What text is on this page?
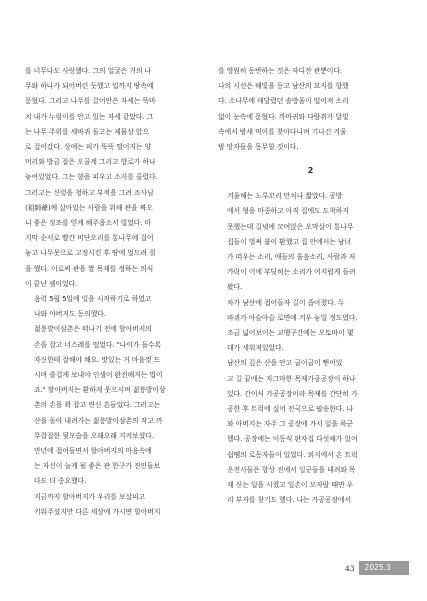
를 너무나도 사랑했다. 그의 얼굴은 거의 나
무와 하나가 되어버린 듯했고 입까지 땅속에
묻혔다. 그리고 나무를 끌어안은 자세는 뚝바
치 내가 누렁이를 안고 있는 자세 같았다. 그
는 나무 주위를 세바퀴 돌고는 제물상 앞으
로 걸어갔다. 상에는 피가 뚝뚝 떨어지는 양
머리와 방금 잡은 오골계 그리고 향로가 하나
놓여있었다. 그는 향을 피우고 소지를 올렸다.
그러고는 신령을 청하고 부적을 그려 조사님
(祖師爺)께 살아있는 사람을 위해 관을 짜오
니 좋은 징조를 얻게 해주옵소서 빌었다. 마
지막 순서로 빨간 비단오리를 통나무에 걸어
놓고 나무못으로 고정시킨 후 땅에 엎드려 절
을 했다. 이로써 관을 짤 목재를 정하는 의식
이 끝난 셈이었다.

음력 5월 5일에 일을 시작하기로 하였고
나와 아버지도 동의했다.

젊룽발이삼촌은 떠나기 전에 할아버지의
손을 잡고 너스레를 떨었다. "나이가 들수록
자신한테 잘해야 해요. 맛있는 거 마음껏 드
시며 즐겁게 보내야 인생이 완전해지는 법이
죠." 할아버지는 환하게 웃으시며 젊룽발이삼
촌의 손을 꽉 잡고 연신 흔들었다. 그러고는
산을 돌아 내려가는 젊룽발이삼촌의 작고 까
무잡잡한 뒷모습을 오래오래 지켜보셨다.

만년에 접어들면서 할아버지의 마음속에
는 자신이 늘게 될 좋은 관 한구가 진인들보
다도 더 중요했다.

지금까지 할아버지가 우리를 보살피고
키워주셨지만 다른 세상에 가시면 할아버지

를 영원히 동반하는 것은 자디잔 관뿐이다.
나의 시선은 해빛을 등고 남산의 묘지를 향했
다. 소나무에 매달렸던 솔방울이 떨어져 소리
없이 눈속에 묻혔다. 까마귀와 다람쥐가 달빛
속에서 밤새 먹이를 찾아다니며 기나긴 겨울
밤 망자들을 동무할 것이다.

2

겨울해는 노루꼬리 만치나 짧았다. 공방
에서 형을 마중하고 아직 집에도 도착하지
못했는데 길녘에 모여앉은 오막살이 통나무
집들이 벌써 불이 환했고 집 안에서는 남녀
가 떠우는 소리, 애들의 울음소리, 사람과 저
가락이 이에 부딪히는 소리가 어지럽게 들려
왔다.

차가 남산에 접어들자 길이 좁아졌다. 두
바퀴가 아슬아슬 로면에 겨우 놓일 정도였다.
조금 넓어보이는 교행구간에는 오토바이 몇
대가 세워져있었다.

남산의 깊은 산을 안고 굽이굽이 뻗어있
고 길 끝에는 자그마한 목재가공공장이 하나
있다. 간이식 가공공장이라 목재를 간단히 가
공한 후 트럭에 실어 전국으로 팔송한다. 나
와 아버지는 자주 그 공장에 가서 일을 하군
했다. 공장에는 이동식 판자집 다섯채가 있어
쉼땜의 로동자들이 있었다. 외지에서 온 트럭
운전사들은 항상 진에서 일군들을 데려와 목
재 싣는 일을 시켰고 일손이 모자랄 때면 우
리 부자를 찾기도 했다. 나는 가공공장에서

43	2025.3
